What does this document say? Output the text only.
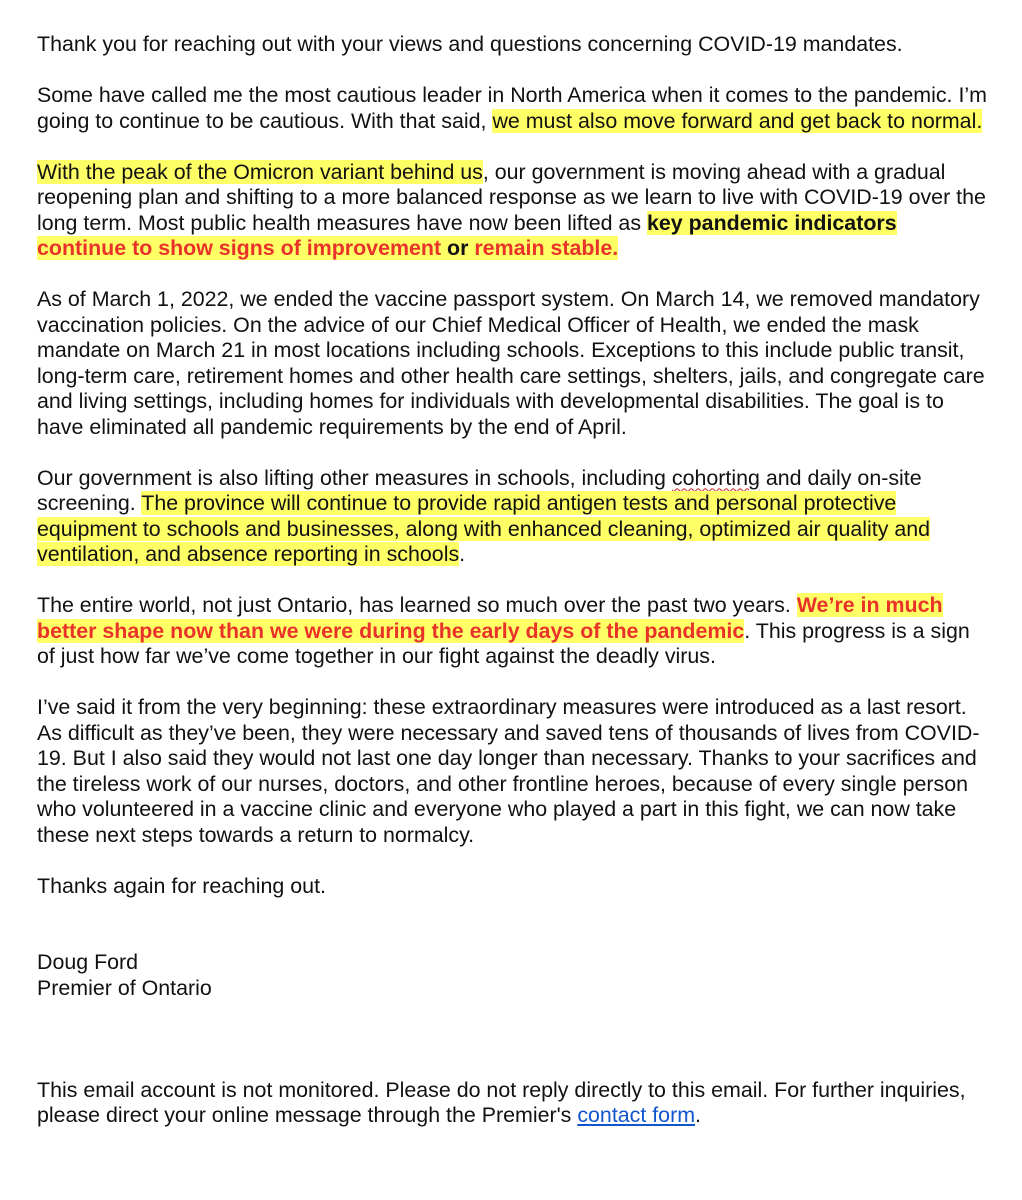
Thank you for reaching out with your views and questions concerning COVID-19 mandates.

Some have called me the most cautious leader in North America when it comes to the pandemic. I’m going to continue to be cautious. With that said, we must also move forward and get back to normal.

With the peak of the Omicron variant behind us, our government is moving ahead with a gradual reopening plan and shifting to a more balanced response as we learn to live with COVID-19 over the long term. Most public health measures have now been lifted as key pandemic indicators continue to show signs of improvement or remain stable.

As of March 1, 2022, we ended the vaccine passport system. On March 14, we removed mandatory vaccination policies. On the advice of our Chief Medical Officer of Health, we ended the mask mandate on March 21 in most locations including schools. Exceptions to this include public transit, long-term care, retirement homes and other health care settings, shelters, jails, and congregate care and living settings, including homes for individuals with developmental disabilities. The goal is to have eliminated all pandemic requirements by the end of April.

Our government is also lifting other measures in schools, including cohorting and daily on-site screening. The province will continue to provide rapid antigen tests and personal protective equipment to schools and businesses, along with enhanced cleaning, optimized air quality and ventilation, and absence reporting in schools.

The entire world, not just Ontario, has learned so much over the past two years. We’re in much better shape now than we were during the early days of the pandemic. This progress is a sign of just how far we’ve come together in our fight against the deadly virus.

I’ve said it from the very beginning: these extraordinary measures were introduced as a last resort. As difficult as they’ve been, they were necessary and saved tens of thousands of lives from COVID-19. But I also said they would not last one day longer than necessary. Thanks to your sacrifices and the tireless work of our nurses, doctors, and other frontline heroes, because of every single person who volunteered in a vaccine clinic and everyone who played a part in this fight, we can now take these next steps towards a return to normalcy.

Thanks again for reaching out.

Doug Ford
Premier of Ontario

This email account is not monitored. Please do not reply directly to this email. For further inquiries, please direct your online message through the Premier's contact form.
